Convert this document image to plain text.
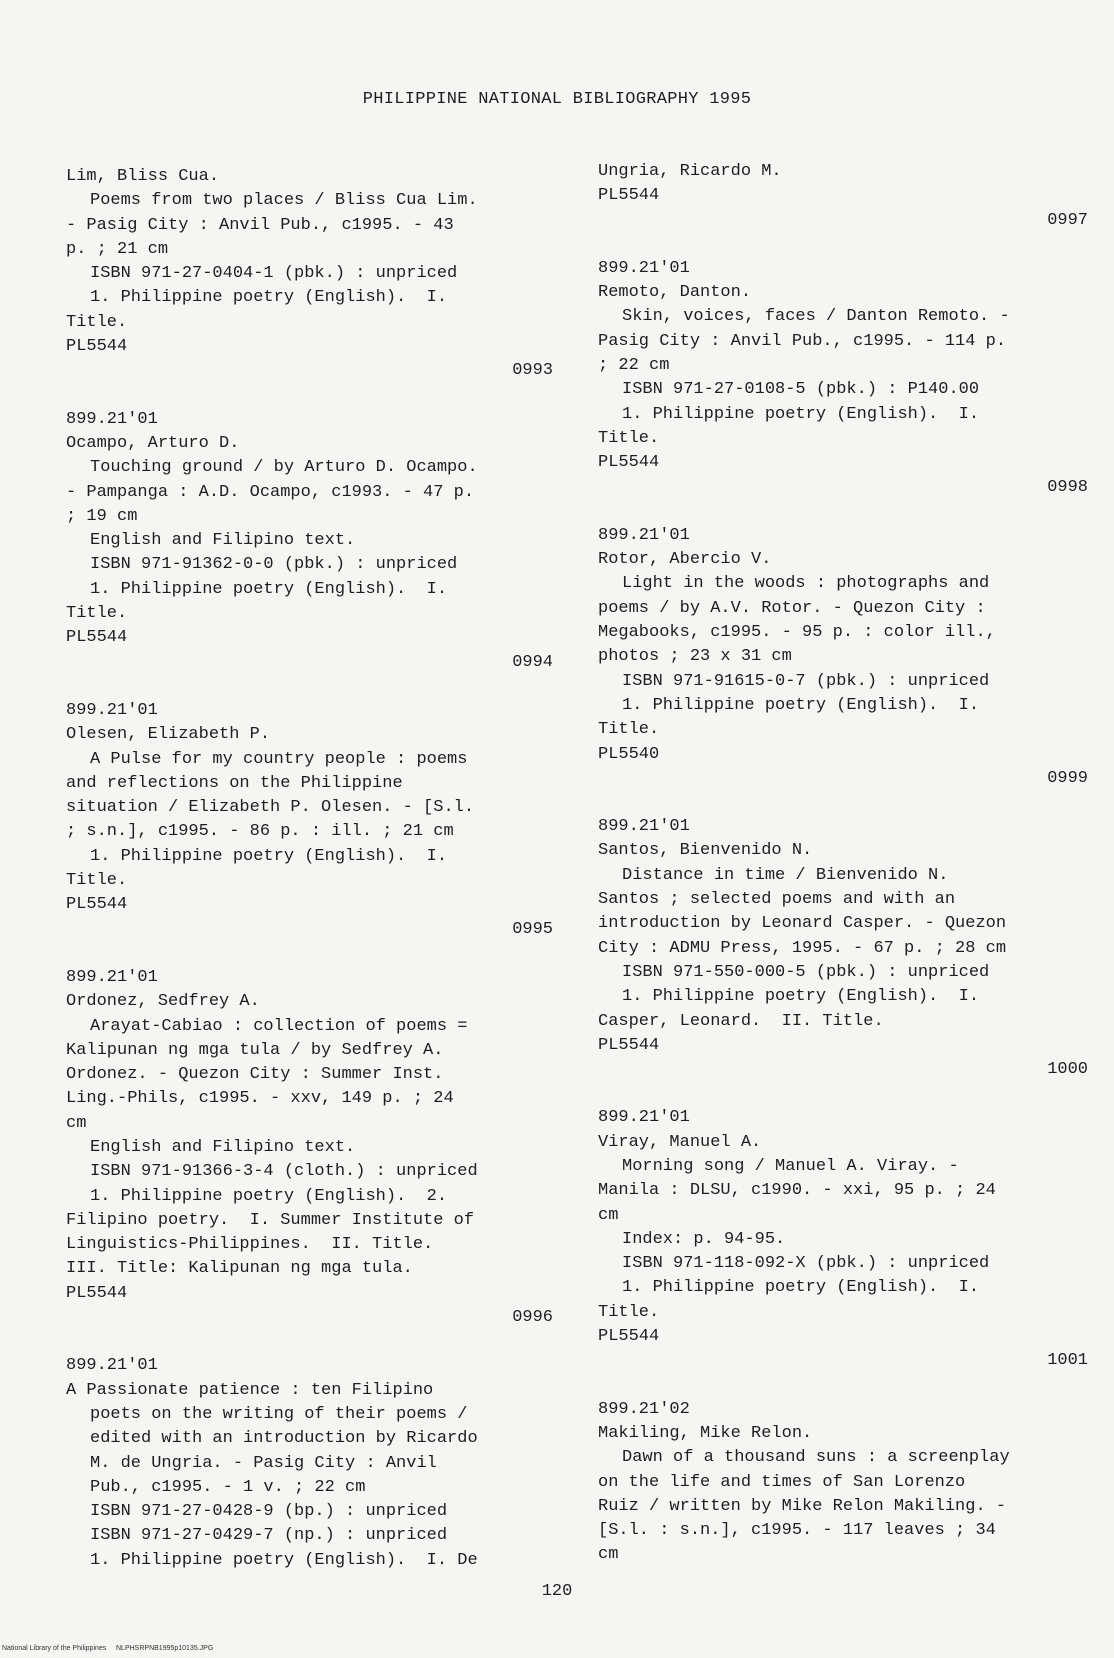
PHILIPPINE NATIONAL BIBLIOGRAPHY 1995
Lim, Bliss Cua.
Poems from two places / Bliss Cua Lim.
- Pasig City : Anvil Pub., c1995. - 43
p. ; 21 cm
ISBN 971-27-0404-1 (pbk.) : unpriced
1. Philippine poetry (English).  I.
Title.
PL5544
0993
899.21'01
Ocampo, Arturo D.
Touching ground / by Arturo D. Ocampo.
- Pampanga : A.D. Ocampo, c1993. - 47 p.
; 19 cm
English and Filipino text.
ISBN 971-91362-0-0 (pbk.) : unpriced
1. Philippine poetry (English).  I.
Title.
PL5544
0994
899.21'01
Olesen, Elizabeth P.
A Pulse for my country people : poems
and reflections on the Philippine
situation / Elizabeth P. Olesen. - [S.l.
; s.n.], c1995. - 86 p. : ill. ; 21 cm
1. Philippine poetry (English).  I.
Title.
PL5544
0995
899.21'01
Ordonez, Sedfrey A.
Arayat-Cabiao : collection of poems =
Kalipunan ng mga tula / by Sedfrey A.
Ordonez. - Quezon City : Summer Inst.
Ling.-Phils, c1995. - xxv, 149 p. ; 24
cm
English and Filipino text.
ISBN 971-91366-3-4 (cloth.) : unpriced
1. Philippine poetry (English).  2.
Filipino poetry.  I. Summer Institute of
Linguistics-Philippines.  II. Title.
III. Title: Kalipunan ng mga tula.
PL5544
0996
899.21'01
A Passionate patience : ten Filipino
poets on the writing of their poems /
edited with an introduction by Ricardo
M. de Ungria. - Pasig City : Anvil
Pub., c1995. - 1 v. ; 22 cm
ISBN 971-27-0428-9 (bp.) : unpriced
ISBN 971-27-0429-7 (np.) : unpriced
1. Philippine poetry (English).  I. De
Ungria, Ricardo M.
PL5544
0997
899.21'01
Remoto, Danton.
Skin, voices, faces / Danton Remoto. -
Pasig City : Anvil Pub., c1995. - 114 p.
; 22 cm
ISBN 971-27-0108-5 (pbk.) : P140.00
1. Philippine poetry (English).  I.
Title.
PL5544
0998
899.21'01
Rotor, Abercio V.
Light in the woods : photographs and
poems / by A.V. Rotor. - Quezon City :
Megabooks, c1995. - 95 p. : color ill.,
photos ; 23 x 31 cm
ISBN 971-91615-0-7 (pbk.) : unpriced
1. Philippine poetry (English).  I.
Title.
PL5540
0999
899.21'01
Santos, Bienvenido N.
Distance in time / Bienvenido N.
Santos ; selected poems and with an
introduction by Leonard Casper. - Quezon
City : ADMU Press, 1995. - 67 p. ; 28 cm
ISBN 971-550-000-5 (pbk.) : unpriced
1. Philippine poetry (English).  I.
Casper, Leonard.  II. Title.
PL5544
1000
899.21'01
Viray, Manuel A.
Morning song / Manuel A. Viray. -
Manila : DLSU, c1990. - xxi, 95 p. ; 24
cm
Index: p. 94-95.
ISBN 971-118-092-X (pbk.) : unpriced
1. Philippine poetry (English).  I.
Title.
PL5544
1001
899.21'02
Makiling, Mike Relon.
Dawn of a thousand suns : a screenplay
on the life and times of San Lorenzo
Ruiz / written by Mike Relon Makiling. -
[S.l. : s.n.], c1995. - 117 leaves ; 34
cm
120
National Library of the Philippines     NLPHSRPNB1995p10135.JPG
